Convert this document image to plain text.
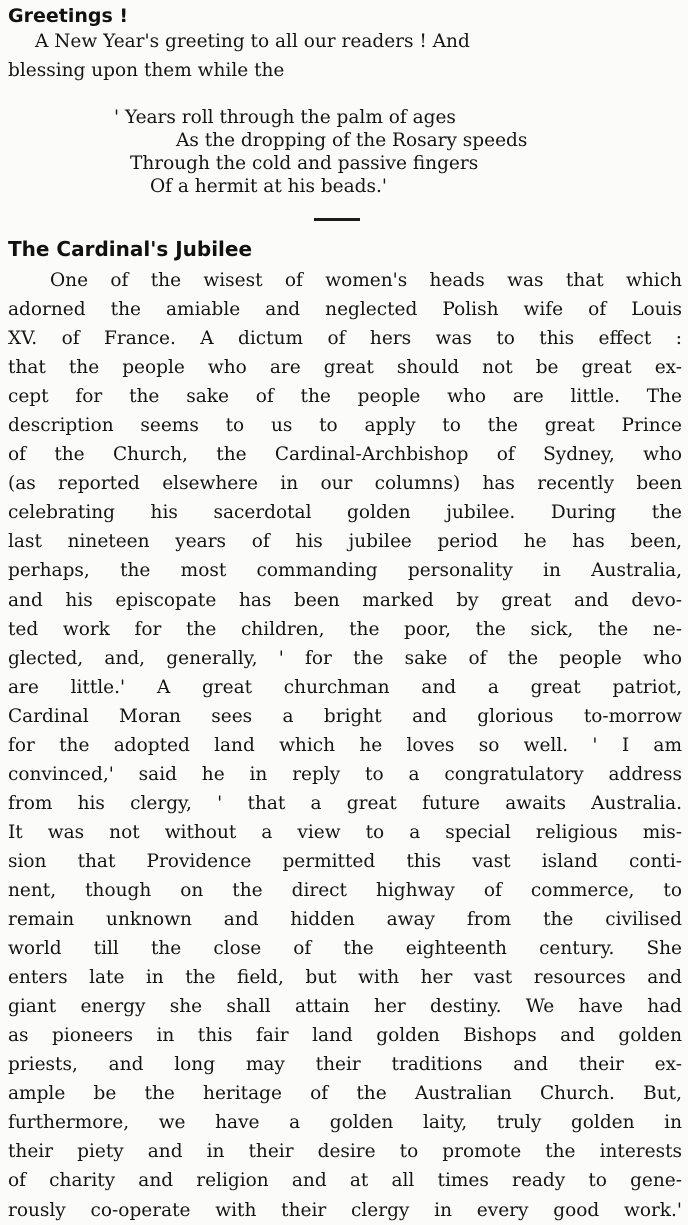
Greetings !
A New Year's greeting to all our readers ! And
blessing upon them while the
' Years roll through the palm of ages
As the dropping of the Rosary speeds
Through the cold and passive fingers
Of a hermit at his beads.'
The Cardinal's Jubilee
One of the wisest of women's heads was that which
adorned the amiable and neglected Polish wife of Louis
XV. of France. A dictum of hers was to this effect :
that the people who are great should not be great ex-
cept for the sake of the people who are little. The
description seems to us to apply to the great Prince
of the Church, the Cardinal-Archbishop of Sydney, who
(as reported elsewhere in our columns) has recently been
celebrating his sacerdotal golden jubilee. During the
last nineteen years of his jubilee period he has been,
perhaps, the most commanding personality in Australia,
and his episcopate has been marked by great and devo-
ted work for the children, the poor, the sick, the ne-
glected, and, generally, ' for the sake of the people who
are little.' A great churchman and a great patriot,
Cardinal Moran sees a bright and glorious to-morrow
for the adopted land which he loves so well. ' I am
convinced,' said he in reply to a congratulatory address
from his clergy, ' that a great future awaits Australia.
It was not without a view to a special religious mis-
sion that Providence permitted this vast island conti-
nent, though on the direct highway of commerce, to
remain unknown and hidden away from the civilised
world till the close of the eighteenth century. She
enters late in the field, but with her vast resources and
giant energy she shall attain her destiny. We have had
as pioneers in this fair land golden Bishops and golden
priests, and long may their traditions and their ex-
ample be the heritage of the Australian Church. But,
furthermore, we have a golden laity, truly golden in
their piety and in their desire to promote the interests
of charity and religion and at all times ready to gene-
rously co-operate with their clergy in every good work.'
